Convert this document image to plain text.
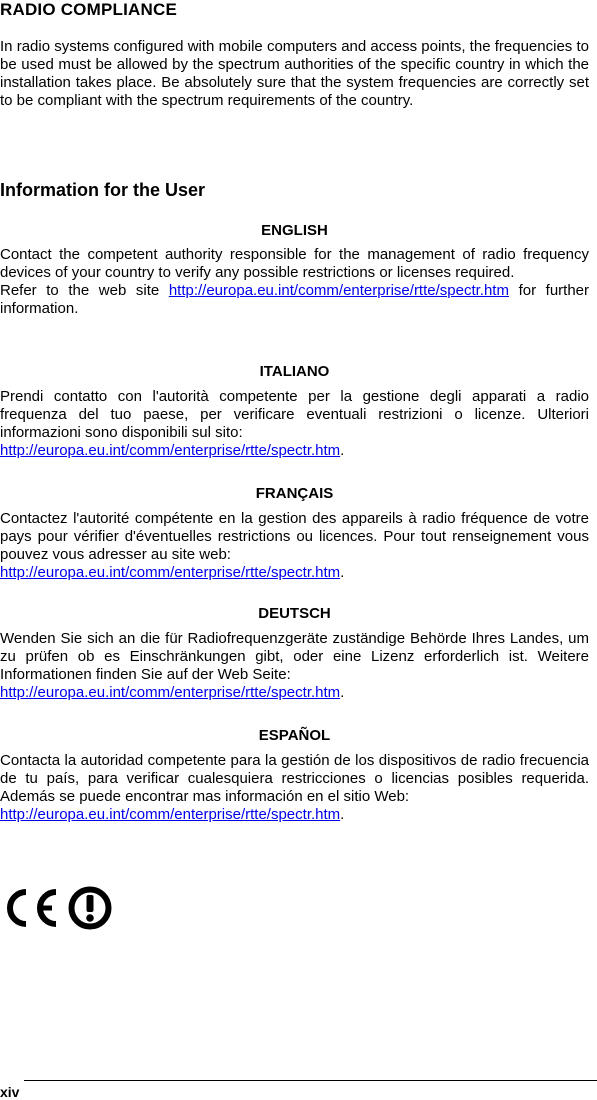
RADIO COMPLIANCE

In radio systems configured with mobile computers and access points, the frequencies to be used must be allowed by the spectrum authorities of the specific country in which the installation takes place. Be absolutely sure that the system frequencies are correctly set to be compliant with the spectrum requirements of the country.

Information for the User
ENGLISH

Contact the competent authority responsible for the management of radio frequency devices of your country to verify any possible restrictions or licenses required.
Refer to the web site http://europa.eu.int/comm/enterprise/rtte/spectr.htm for further information.

ITALIANO

Prendi contatto con l'autorità competente per la gestione degli apparati a radio frequenza del tuo paese, per verificare eventuali restrizioni o licenze. Ulteriori informazioni sono disponibili sul sito:
http://europa.eu.int/comm/enterprise/rtte/spectr.htm.

FRANÇAIS

Contactez l'autorité compétente en la gestion des appareils à radio fréquence de votre pays pour vérifier d'éventuelles restrictions ou licences. Pour tout renseignement vous pouvez vous adresser au site web:
http://europa.eu.int/comm/enterprise/rtte/spectr.htm.

DEUTSCH

Wenden Sie sich an die für Radiofrequenzgeräte zuständige Behörde Ihres Landes, um zu prüfen ob es Einschränkungen gibt, oder eine Lizenz erforderlich ist. Weitere Informationen finden Sie auf der Web Seite:
http://europa.eu.int/comm/enterprise/rtte/spectr.htm.

ESPAÑOL

Contacta la autoridad competente para la gestión de los dispositivos de radio frecuencia de tu país, para verificar cualesquiera restricciones o licencias posibles requerida. Además se puede encontrar mas información en el sitio Web:
http://europa.eu.int/comm/enterprise/rtte/spectr.htm.

xiv
